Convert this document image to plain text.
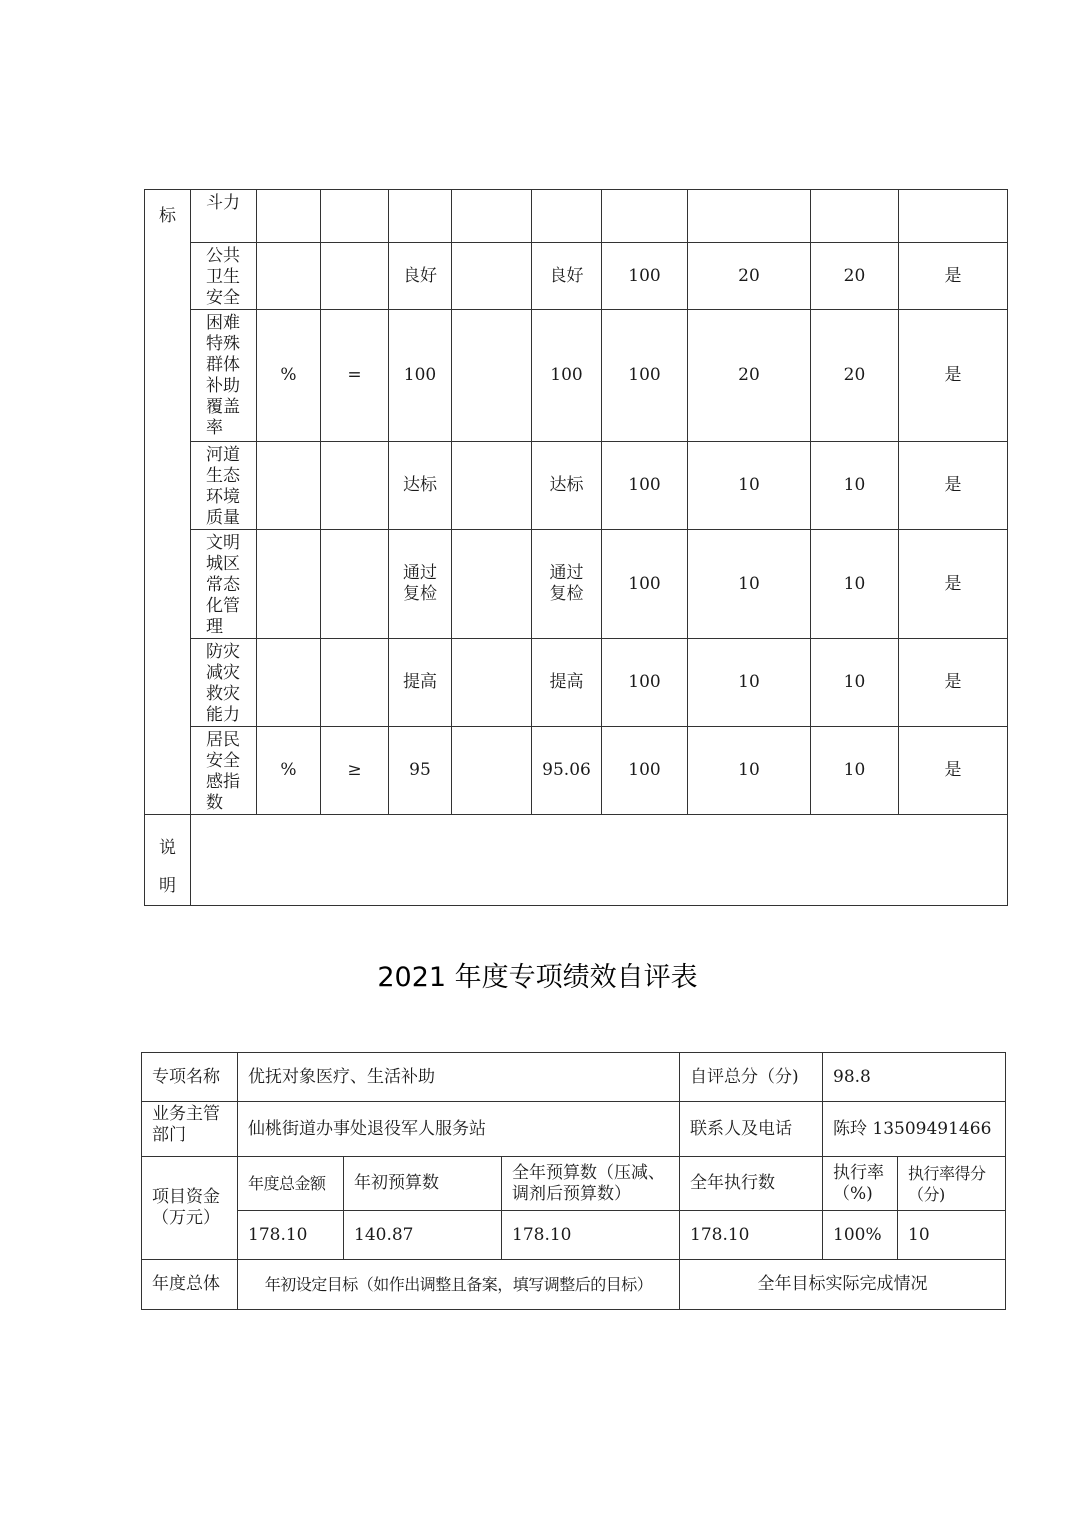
标	斗力									
	公共卫生安全			良好		良好	100	20	20	是
	困难特殊群体补助覆盖率	%	=	100		100	100	20	20	是
	河道生态环境质量			达标		达标	100	10	10	是
	文明城区常态化管理			通过复检		通过复检	100	10	10	是
	防灾减灾救灾能力			提高		提高	100	10	10	是
	居民安全感指数	%	≥	95		95.06	100	10	10	是
说明										
2021 年度专项绩效自评表
专项名称	优抚对象医疗、生活补助			自评总分（分)	98.8	
业务主管部门	仙桃街道办事处退役军人服务站			联系人及电话	陈玲 13509491466	
项目资金（万元）	年度总金额	年初预算数	全年预算数（压减、调剂后预算数）	全年执行数	执行率（%)	执行率得分（分)
	178.10	140.87	178.10	178.10	100%	10
年度总体	年初设定目标（如作出调整且备案，填写调整后的目标）			全年目标实际完成情况		
